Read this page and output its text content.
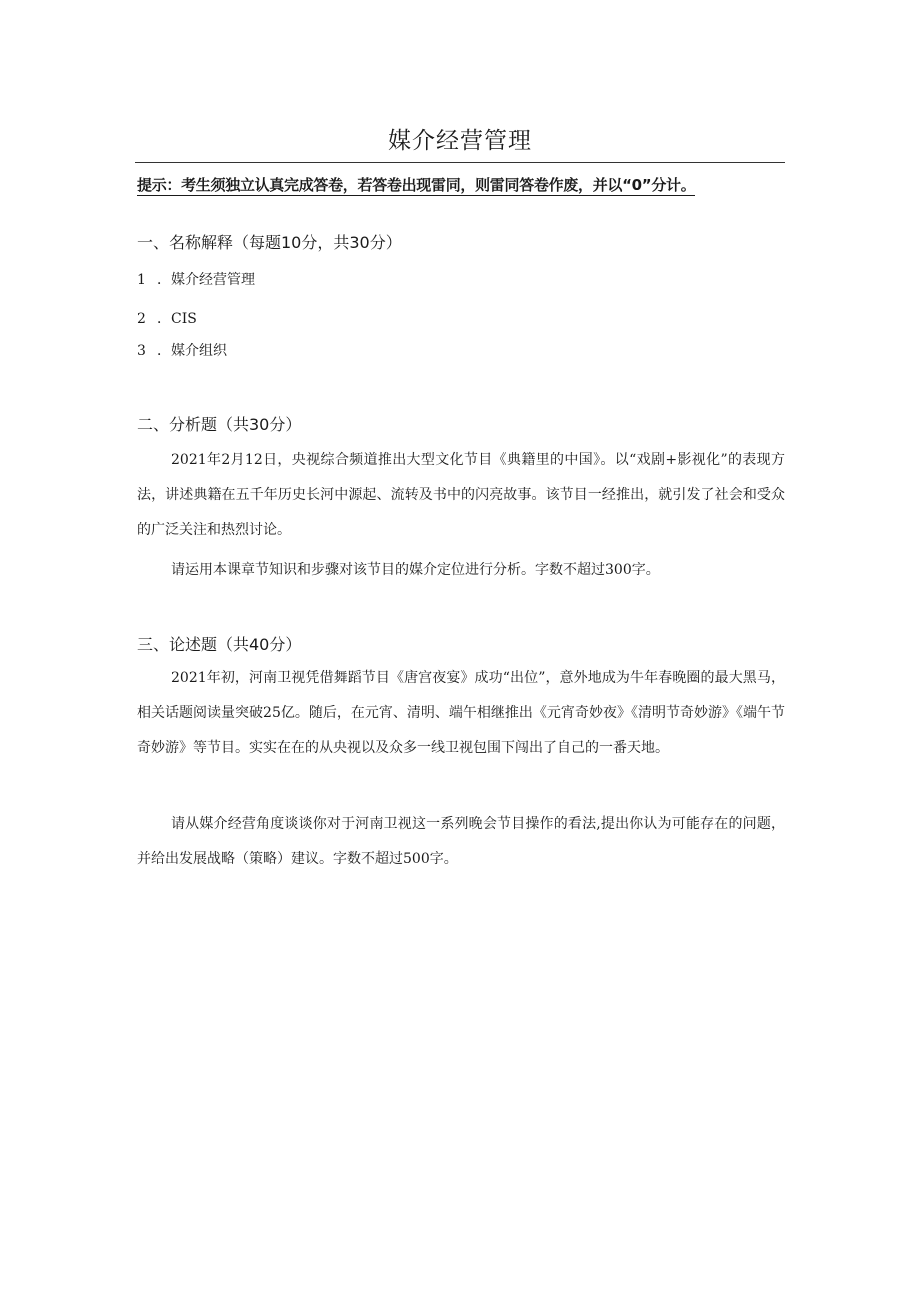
媒介经营管理
提示：考生须独立认真完成答卷，若答卷出现雷同，则雷同答卷作废，并以“0”分计。
一、名称解释（每题10分，共30分）
1 ．媒介经营管理
2 ．CIS
3 ．媒介组织
二、分析题（共30分）
2021年2月12日，央视综合频道推出大型文化节目《典籍里的中国》。以“戏剧+影视化”的表现方法，讲述典籍在五千年历史长河中源起、流转及书中的闪亮故事。该节目一经推出，就引发了社会和受众的广泛关注和热烈讨论。
请运用本课章节知识和步骤对该节目的媒介定位进行分析。字数不超过300字。
三、论述题（共40分）
2021年初，河南卫视凭借舞蹈节目《唐宫夜宴》成功“出位”，意外地成为牛年春晚圈的最大黑马，相关话题阅读量突破25亿。随后，在元宵、清明、端午相继推出《元宵奇妙夜》《清明节奇妙游》《端午节奇妙游》等节目。实实在在的从央视以及众多一线卫视包围下闯出了自己的一番天地。
请从媒介经营角度谈谈你对于河南卫视这一系列晚会节目操作的看法,提出你认为可能存在的问题，并给出发展战略（策略）建议。字数不超过500字。
